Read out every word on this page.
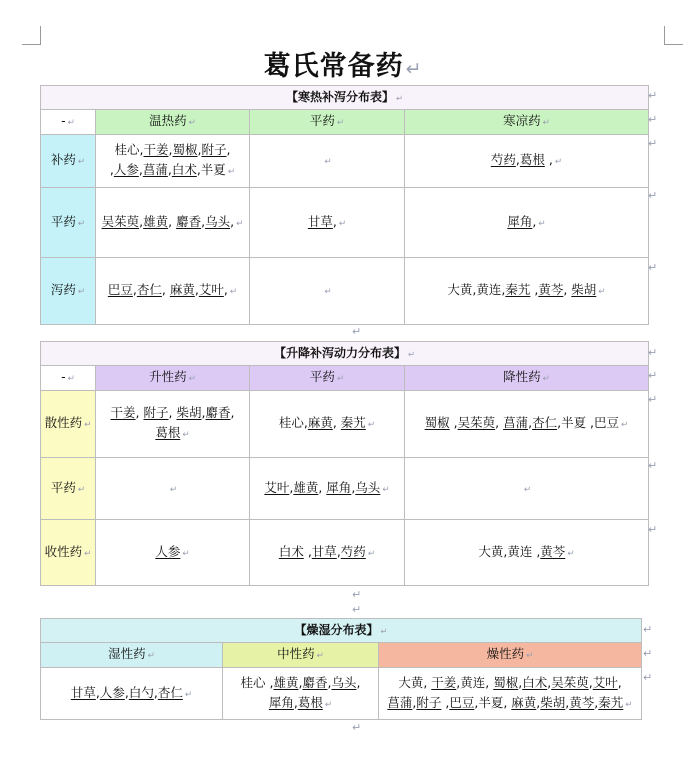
葛氏常备药 ↵
【寒热补泻分布表】 ↵			
- ↵	温热药 ↵	平药 ↵	寒凉药 ↵
补药 ↵	桂心,干姜,蜀椒,附子,
,人参,菖蒲,白术,半夏 ↵	↵	芍药,葛根 , ↵
平药 ↵	吴茱萸,雄黄, 麝香,乌头, ↵	甘草, ↵	犀角, ↵
泻药 ↵	巴豆,杏仁, 麻黄,艾叶, ↵	↵	大黄,黄连,秦艽 ,黄芩, 柴胡 ↵
↵
【升降补泻动力分布表】 ↵			
- ↵	升性药 ↵	平药 ↵	降性药 ↵
散性药 ↵	干姜, 附子, 柴胡,麝香,
葛根 ↵	桂心,麻黄, 秦艽 ↵	蜀椒 ,吴茱萸, 菖蒲,杏仁,半夏 ,巴豆 ↵
平药 ↵	↵	艾叶,雄黄, 犀角,乌头 ↵	↵
收性药 ↵	人参 ↵	白术 ,甘草,芍药 ↵	大黄,黄连 ,黄芩 ↵
↵
↵
【燥湿分布表】 ↵		
湿性药 ↵	中性药 ↵	燥性药 ↵
甘草,人参,白勺,杏仁 ↵	桂心 ,雄黄,麝香,乌头,
犀角,葛根 ↵	大黄, 干姜,黄连, 蜀椒,白术,吴茱萸,艾叶,
菖蒲,附子 ,巴豆,半夏, 麻黄,柴胡,黄芩,秦艽 ↵
↵
↵
↵
↵
↵
↵
↵
↵
↵
↵
↵
↵
↵
↵
